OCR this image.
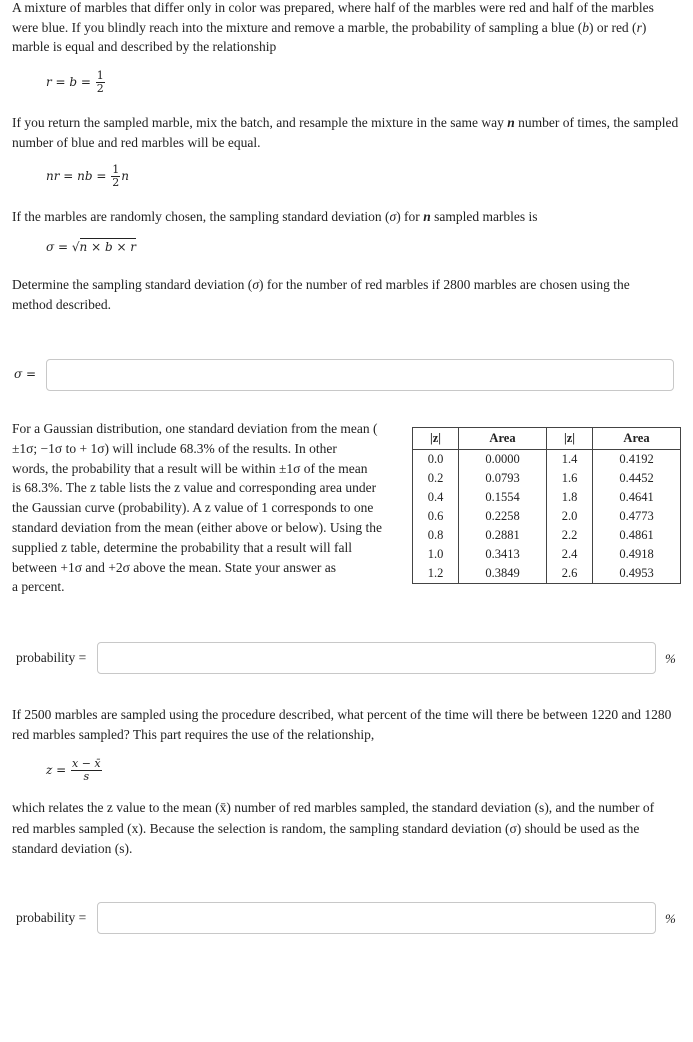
A mixture of marbles that differ only in color was prepared, where half of the marbles were red and half of the marbles
were blue. If you blindly reach into the mixture and remove a marble, the probability of sampling a blue (b) or red (r)
marble is equal and described by the relationship
$r = b = \frac{1}{2}$
If you return the sampled marble, mix the batch, and resample the mixture in the same way n number of times, the sampled
number of blue and red marbles will be equal.
nr = nb = $\frac{1}{2}$ n
If the marbles are randomly chosen, the sampling standard deviation (σ) for n sampled marbles is
σ = √n × b × r
Determine the sampling standard deviation (σ) for the number of red marbles if 2800 marbles are chosen using the
method described.
σ =
For a Gaussian distribution, one standard deviation from the mean (
±1σ; −1σ to + 1σ) will include 68.3% of the results. In other
words, the probability that a result will be within ±1σ of the mean
is 68.3%. The z table lists the z value and corresponding area under
the Gaussian curve (probability). A z value of 1 corresponds to one
standard deviation from the mean (either above or below). Using the
supplied z table, determine the probability that a result will fall
between +1σ and +2σ above the mean. State your answer as
a percent.
|z|	Area	|z|	Area
0.0	0.0000	1.4	0.4192
0.2	0.0793	1.6	0.4452
0.4	0.1554	1.8	0.4641
0.6	0.2258	2.0	0.4773
0.8	0.2881	2.2	0.4861
1.0	0.3413	2.4	0.4918
1.2	0.3849	2.6	0.4953
probability =	%
If 2500 marbles are sampled using the procedure described, what percent of the time will there be between 1220 and 1280
red marbles sampled? This part requires the use of the relationship,
$z = \frac{x - x̄}{s}$
which relates the z value to the mean (x̄) number of red marbles sampled, the standard deviation (s), and the number of
red marbles sampled (x). Because the selection is random, the sampling standard deviation (σ) should be used as the
standard deviation (s).
probability =	%
